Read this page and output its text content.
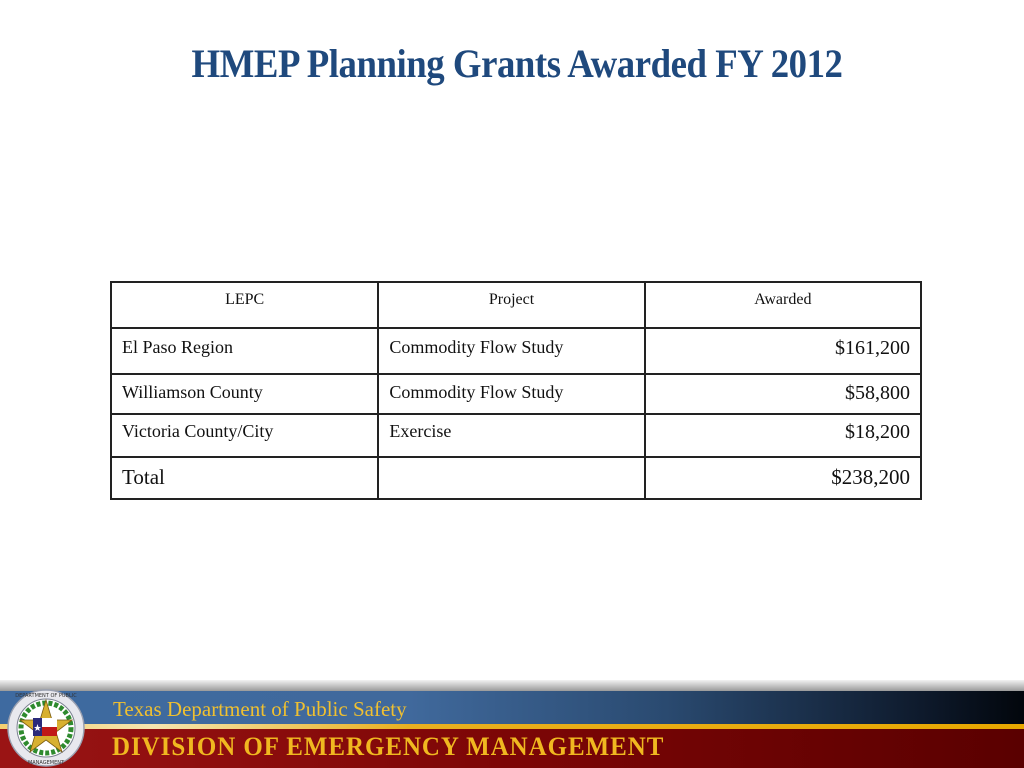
HMEP Planning Grants Awarded FY 2012
LEPC	Project	Awarded
El Paso Region	Commodity Flow Study	$161,200
Williamson County	Commodity Flow Study	$58,800
Victoria County/City	Exercise	$18,200
Total		$238,200
DEPARTMENT OF PUBLIC
MANAGEMENT
Texas Department of Public Safety
DIVISION OF EMERGENCY MANAGEMENT
